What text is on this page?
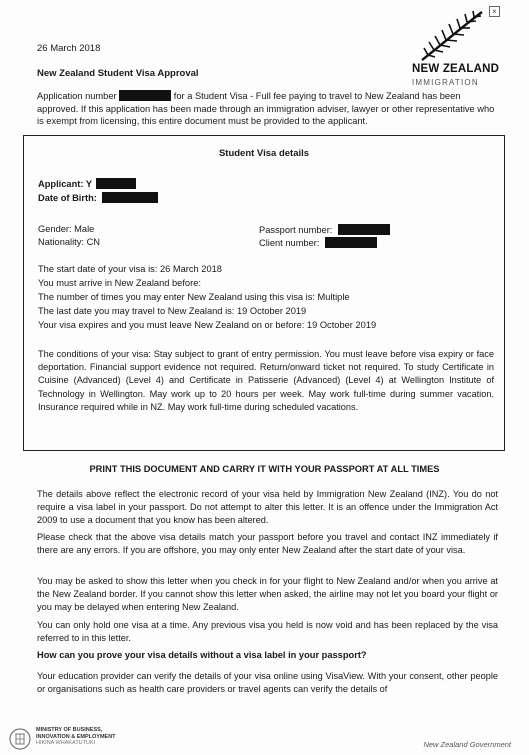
×
26 March 2018
New Zealand Student Visa Approval	NEW ZEALAND
IMMIGRATION
Application number	for a Student Visa - Full fee paying to travel to New Zealand has been approved. If this application has been made through an immigration adviser, lawyer or other representative who is exempt from licensing, this entire document must be provided to the applicant.
Student Visa details
Applicant: Y
Date of Birth:
Gender: Male
Nationality: CN
Passport number:
Client number:
The start date of your visa is: 26 March 2018
You must arrive in New Zealand before:
The number of times you may enter New Zealand using this visa is: Multiple
The last date you may travel to New Zealand is: 19 October 2019
Your visa expires and you must leave New Zealand on or before: 19 October 2019
The conditions of your visa: Stay subject to grant of entry permission. You must leave before visa expiry or face deportation. Financial support evidence not required. Return/onward ticket not required. To study Certificate in Cuisine (Advanced) (Level 4) and Certificate in Patisserie (Advanced) (Level 4) at Wellington Institute of Technology in Wellington. May work up to 20 hours per week. May work full-time during summer vacation. Insurance required while in NZ. May work full-time during scheduled vacations.
PRINT THIS DOCUMENT AND CARRY IT WITH YOUR PASSPORT AT ALL TIMES
The details above reflect the electronic record of your visa held by Immigration New Zealand (INZ). You do not require a visa label in your passport. Do not attempt to alter this letter. It is an offence under the Immigration Act 2009 to use a document that you know has been altered.
Please check that the above visa details match your passport before you travel and contact INZ immediately if there are any errors. If you are offshore, you may only enter New Zealand after the start date of your visa.
You may be asked to show this letter when you check in for your flight to New Zealand and/or when you arrive at the New Zealand border. If you cannot show this letter when asked, the airline may not let you board your flight or you may be delayed when entering New Zealand.
You can only hold one visa at a time. Any previous visa you held is now void and has been replaced by the visa referred to in this letter.
How can you prove your visa details without a visa label in your passport?
Your education provider can verify the details of your visa online using VisaView. With your consent, other people or organisations such as health care providers or travel agents can verify the details of
MINISTRY OF BUSINESS,
INNOVATION & EMPLOYMENT
HIKINA WHAKATUTUKI	New Zealand Government
